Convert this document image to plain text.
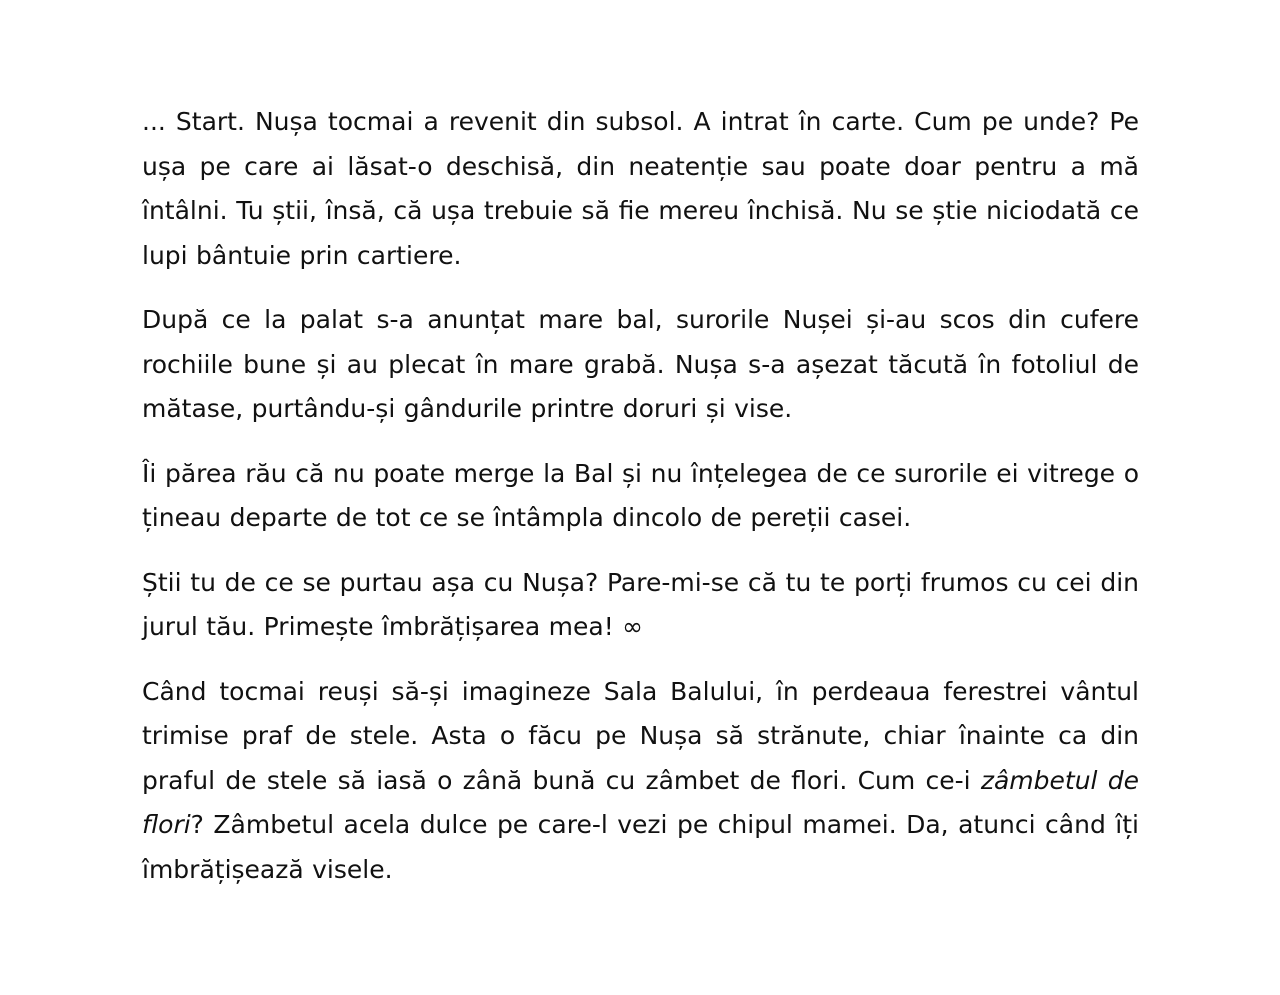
... Start. Nușa tocmai a revenit din subsol. A intrat în carte. Cum pe unde? Pe ușa pe care ai lăsat-o deschisă, din neatenție sau poate doar pentru a mă întâlni. Tu știi, însă, că ușa trebuie să fie mereu închisă. Nu se știe niciodată ce lupi bântuie prin cartiere.

După ce la palat s-a anunțat mare bal, surorile Nușei și-au scos din cufere rochiile bune și au plecat în mare grabă. Nușa s-a așezat tăcută în fotoliul de mătase, purtându-și gândurile printre doruri și vise.

Îi părea rău că nu poate merge la Bal și nu înțelegea de ce surorile ei vitrege o țineau departe de tot ce se întâmpla dincolo de pereții casei.

Știi tu de ce se purtau așa cu Nușa? Pare-mi-se că tu te porți frumos cu cei din jurul tău. Primește îmbrățișarea mea! ∞

Când tocmai reuși să-și imagineze Sala Balului, în perdeaua ferestrei vântul trimise praf de stele. Asta o făcu pe Nușa să strănute, chiar înainte ca din praful de stele să iasă o zână bună cu zâmbet de flori. Cum ce-i zâmbetul de flori? Zâmbetul acela dulce pe care-l vezi pe chipul mamei. Da, atunci când îți îmbrățișează visele.
